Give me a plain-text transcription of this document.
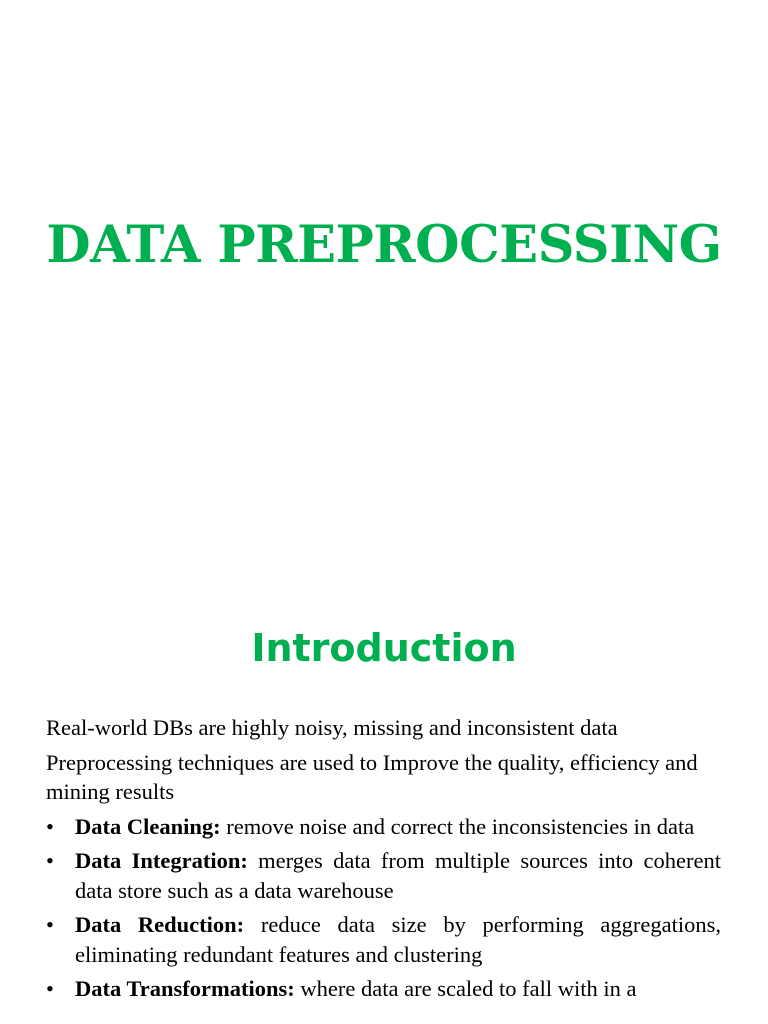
DATA PREPROCESSING
Introduction

Real-world DBs are highly noisy, missing and inconsistent data

Preprocessing techniques are used to Improve the quality, efficiency and mining results

• Data Cleaning: remove noise and correct the inconsistencies in data
• Data Integration: merges data from multiple sources into coherent data store such as a data warehouse
• Data Reduction: reduce data size by performing aggregations, eliminating redundant features and clustering
• Data Transformations: where data are scaled to fall with in a
